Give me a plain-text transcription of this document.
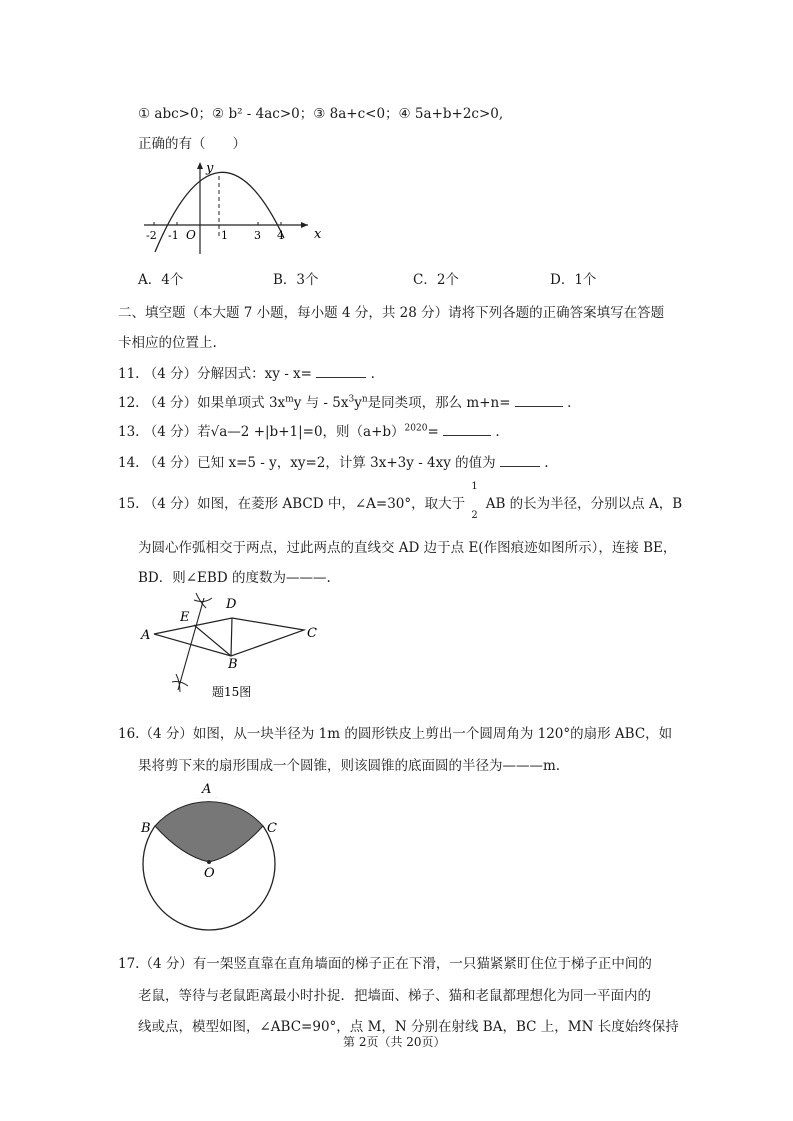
① abc>0；② b² - 4ac>0；③ 8a+c<0；④ 5a+b+2c>0,
正确的有（　　）
x
y
O
-2 -1	1 3 4
A．4个	B．3个	C．2个	D．1个
二、填空题（本大题 7 小题，每小题 4 分，共 28 分）请将下列各题的正确答案填写在答题
卡相应的位置上.
11. （4 分）分解因式：xy - x=	.
12. （4 分）如果单项式 $3x^my$ 与 - $5x^3y^n$是同类项，那么 m+n=	.
13. （4 分）若√a—2 +|b+1|=0，则$(a+b)^{2020}=$	.
14. （4 分）已知 x=5 - y，xy=2，计算 3x+3y - 4xy 的值为	.
15. （4 分）如图，在菱形 ABCD 中，∠A=30°，取大于
1
2
AB 的长为半径，分别以点 A，B
为圆心作弧相交于两点，过此两点的直线交 AD 边于点 E(作图痕迹如图所示），连接 BE，
BD．则∠EBD 的度数为———.
A
B
C
D
E
题15图
16.（4 分）如图，从一块半径为 1m 的圆形铁皮上剪出一个圆周角为 120°的扇形 ABC，如
果将剪下来的扇形围成一个圆锥，则该圆锥的底面圆的半径为———m.
A
B	C
O
17.（4 分）有一架竖直靠在直角墙面的梯子正在下滑，一只猫紧紧盯住位于梯子正中间的
老鼠，等待与老鼠距离最小时扑捉．把墙面、梯子、猫和老鼠都理想化为同一平面内的
线或点，模型如图，∠ABC=90°，点 M，N 分别在射线 BA，BC 上，MN 长度始终保持
第 2页（共 20页）
